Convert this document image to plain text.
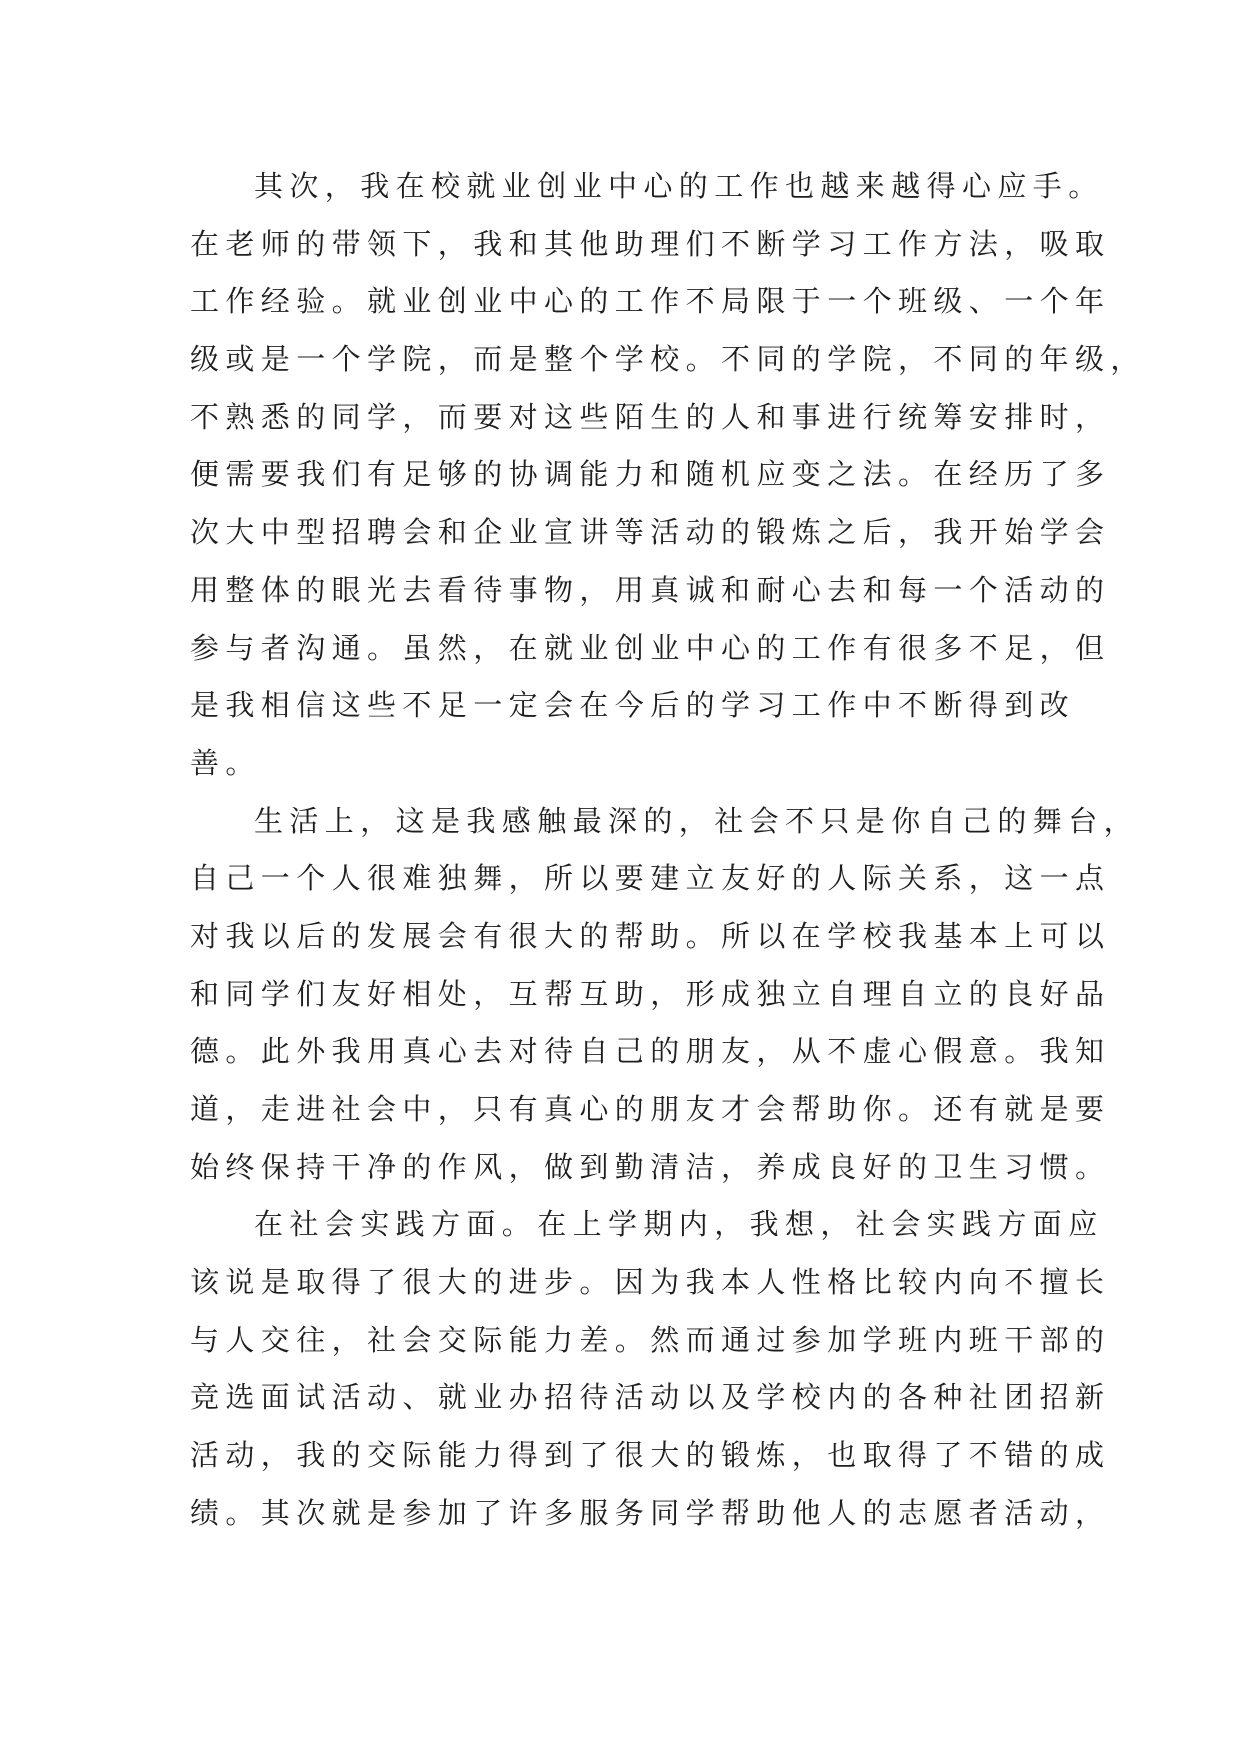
其次，我在校就业创业中心的工作也越来越得心应手。
在老师的带领下，我和其他助理们不断学习工作方法，吸取
工作经验。就业创业中心的工作不局限于一个班级、一个年
级或是一个学院，而是整个学校。不同的学院，不同的年级，
不熟悉的同学，而要对这些陌生的人和事进行统筹安排时，
便需要我们有足够的协调能力和随机应变之法。在经历了多
次大中型招聘会和企业宣讲等活动的锻炼之后，我开始学会
用整体的眼光去看待事物，用真诚和耐心去和每一个活动的
参与者沟通。虽然，在就业创业中心的工作有很多不足，但
是我相信这些不足一定会在今后的学习工作中不断得到改
善。
生活上，这是我感触最深的，社会不只是你自己的舞台，
自己一个人很难独舞，所以要建立友好的人际关系，这一点
对我以后的发展会有很大的帮助。所以在学校我基本上可以
和同学们友好相处，互帮互助，形成独立自理自立的良好品
德。此外我用真心去对待自己的朋友，从不虚心假意。我知
道，走进社会中，只有真心的朋友才会帮助你。还有就是要
始终保持干净的作风，做到勤清洁，养成良好的卫生习惯。
在社会实践方面。在上学期内，我想，社会实践方面应
该说是取得了很大的进步。因为我本人性格比较内向不擅长
与人交往，社会交际能力差。然而通过参加学班内班干部的
竞选面试活动、就业办招待活动以及学校内的各种社团招新
活动，我的交际能力得到了很大的锻炼，也取得了不错的成
绩。其次就是参加了许多服务同学帮助他人的志愿者活动，
